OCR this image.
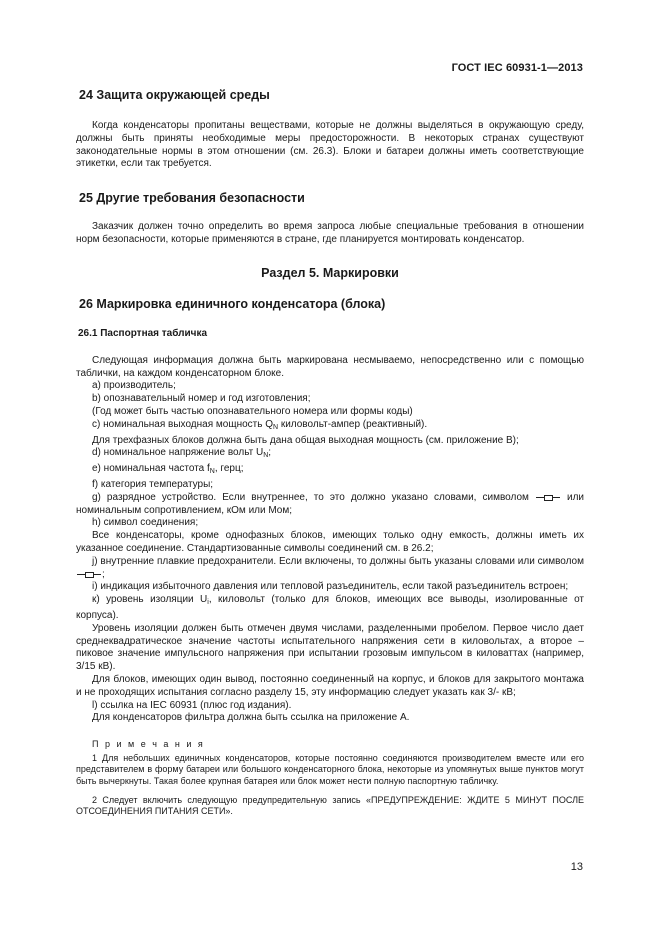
ГОСТ IEC 60931-1—2013
24 Защита окружающей среды

Когда конденсаторы пропитаны веществами, которые не должны выделяться в окружающую среду, должны быть приняты необходимые меры предосторожности. В некоторых странах существуют законодательные нормы в этом отношении (см. 26.3). Блоки и батареи должны иметь соответствующие этикетки, если так требуется.

25 Другие требования безопасности

Заказчик должен точно определить во время запроса любые специальные требования в отношении норм безопасности, которые применяются в стране, где планируется монтировать конденсатор.

Раздел 5. Маркировки
26 Маркировка единичного конденсатора (блока)
26.1 Паспортная табличка

Следующая информация должна быть маркирована несмываемо, непосредственно или с помощью таблички, на каждом конденсаторном блоке.

а) производитель;

b) опознавательный номер и год изготовления;

(Год может быть частью опознавательного номера или формы коды)

c) номинальная выходная мощность $Q_N$ киловольт-ампер (реактивный).

Для трехфазных блоков должна быть дана общая выходная мощность (см. приложение В);

d) номинальное напряжение вольт $U_N$;

e) номинальная частота $f_N$, герц;

f) категория температуры;

g) разрядное устройство. Если внутреннее, то это должно указано словами, символом	или номинальным сопротивлением, кОм или Мом;

h) символ соединения;

Все конденсаторы, кроме однофазных блоков, имеющих только одну емкость, должны иметь их указанное соединение. Стандартизованные символы соединений см. в 26.2;

j) внутренние плавкие предохранители. Если включены, то должны быть указаны словами или символом ;

i) индикация избыточного давления или тепловой разъединитель, если такой разъединитель встроен;

к) уровень изоляции $U_i$, киловольт (только для блоков, имеющих все выводы, изолированные от корпуса).

Уровень изоляции должен быть отмечен двумя числами, разделенными пробелом. Первое число дает среднеквадратическое значение частоты испытательного напряжения сети в киловольтах, а второе – пиковое значение импульсного напряжения при испытании грозовым импульсом в киловаттах (например, 3/15 кВ).

Для блоков, имеющих один вывод, постоянно соединенный на корпус, и блоков для закрытого монтажа и не проходящих испытания согласно разделу 15, эту информацию следует указать как 3/- кВ;

l) ссылка на IEC 60931 (плюс год издания).

Для конденсаторов фильтра должна быть ссылка на приложение А.

П р и м е ч а н и я

1 Для небольших единичных конденсаторов, которые постоянно соединяются производителем вместе или его представителем в форму батареи или большого конденсаторного блока, некоторые из упомянутых выше пунктов могут быть вычеркнуты. Такая более крупная батарея или блок может нести полную паспортную табличку.

2 Следует включить следующую предупредительную запись «ПРЕДУПРЕЖДЕНИЕ: ЖДИТЕ 5 МИНУТ ПОСЛЕ ОТСОЕДИНЕНИЯ ПИТАНИЯ СЕТИ».

13
